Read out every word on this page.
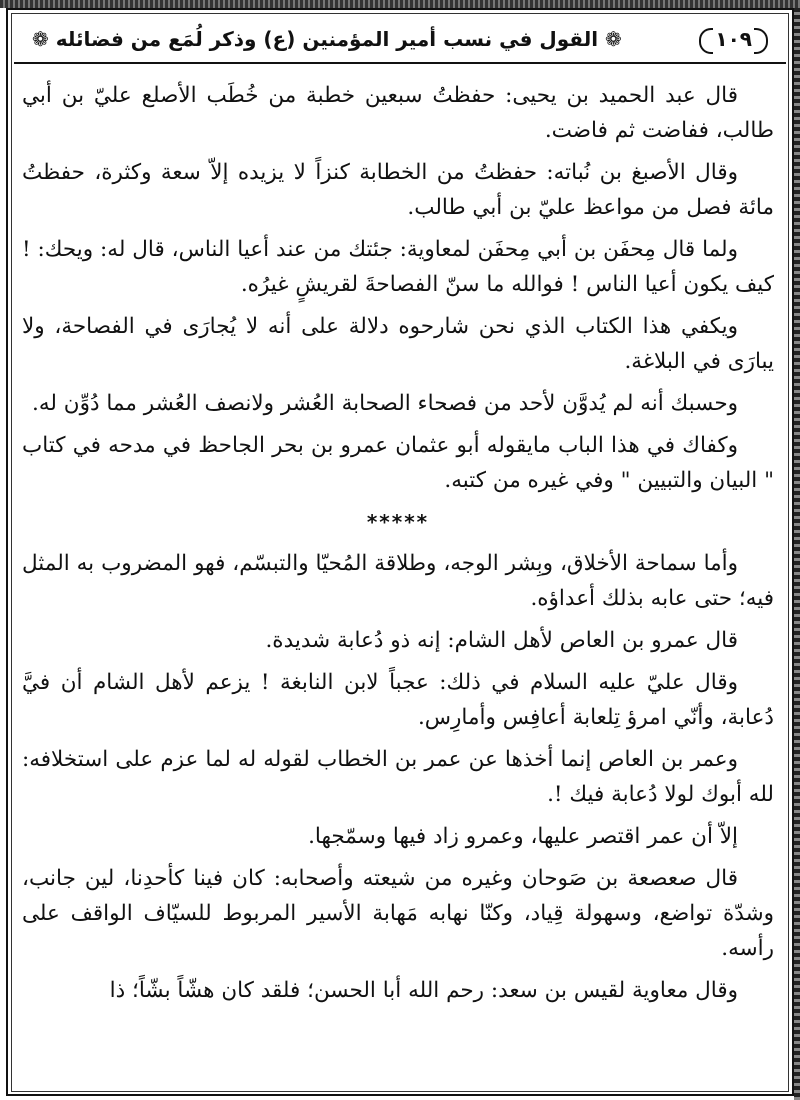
❁ القول في نسب أمير المؤمنين (ع) وذكر لُمَع من فضائله ❁	١٠٩

قال عبد الحميد بن يحيى: حفظتُ سبعين خطبة من خُطَب الأصلع عليّ بن أبي طالب، ففاضت ثم فاضت.

وقال الأصبغ بن نُباته: حفظتُ من الخطابة كنزاً لا يزيده إلاّ سعة وكثرة، حفظتُ مائة فصل من مواعظ عليّ بن أبي طالب.

ولما قال مِحفَن بن أبي مِحفَن لمعاوية: جئتك من عند أعيا الناس، قال له: ويحك: ! كيف يكون أعيا الناس ! فوالله ما سنّ الفصاحةَ لقريشٍ غيرُه.

ويكفي هذا الكتاب الذي نحن شارحوه دلالة على أنه لا يُجارَى في الفصاحة، ولا يبارَى في البلاغة.

وحسبك أنه لم يُدوَّن لأحد من فصحاء الصحابة العُشر ولانصف العُشر مما دُوِّن له.

وكفاك في هذا الباب مايقوله أبو عثمان عمرو بن بحر الجاحظ في مدحه في كتاب " البيان والتبيين " وفي غيره من كتبه.

*****

وأما سماحة الأخلاق، وبِشر الوجه، وطلاقة المُحيّا والتبسّم، فهو المضروب به المثل فيه؛ حتى عابه بذلك أعداؤه.

قال عمرو بن العاص لأهل الشام: إنه ذو دُعابة شديدة.

وقال عليّ عليه السلام في ذلك: عجباً لابن النابغة ! يزعم لأهل الشام أن فيَّ دُعابة، وأنّي امرؤ تِلعابة أعافِس وأمارِس.

وعمر بن العاص إنما أخذها عن عمر بن الخطاب لقوله له لما عزم على استخلافه: لله أبوك لولا دُعابة فيك !.

إلاّ أن عمر اقتصر عليها، وعمرو زاد فيها وسمّجها.

قال صعصعة بن صَوحان وغيره من شيعته وأصحابه: كان فينا كأحدِنا، لين جانب، وشدّة تواضع، وسهولة قِياد، وكنّا نهابه مَهابة الأسير المربوط للسيّاف الواقف على رأسه.

وقال معاوية لقيس بن سعد: رحم الله أبا الحسن؛ فلقد كان هشّاً بشّاً؛ ذا
